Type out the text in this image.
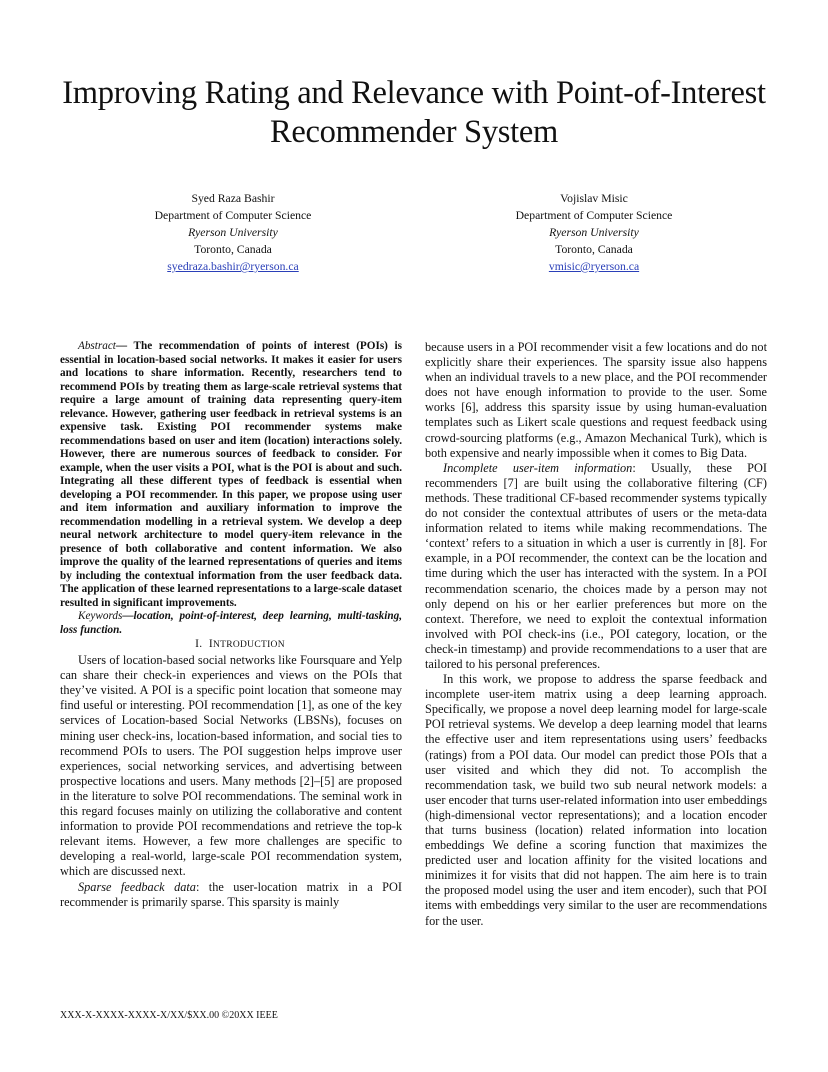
Improving Rating and Relevance with Point-of-Interest
Recommender System
Syed Raza Bashir
Department of Computer Science
Ryerson University
Toronto, Canada
syedraza.bashir@ryerson.ca
Vojislav Misic
Department of Computer Science
Ryerson University
Toronto, Canada
vmisic@ryerson.ca

Abstract— The recommendation of points of interest (POIs) is essential in location-based social networks. It makes it easier for users and locations to share information. Recently, researchers tend to recommend POIs by treating them as large-scale retrieval systems that require a large amount of training data representing query-item relevance. However, gathering user feedback in retrieval systems is an expensive task. Existing POI recommender systems make recommendations based on user and item (location) interactions solely. However, there are numerous sources of feedback to consider. For example, when the user visits a POI, what is the POI is about and such. Integrating all these different types of feedback is essential when developing a POI recommender. In this paper, we propose using user and item information and auxiliary information to improve the recommendation modelling in a retrieval system. We develop a deep neural network architecture to model query-item relevance in the presence of both collaborative and content information. We also improve the quality of the learned representations of queries and items by including the contextual information from the user feedback data. The application of these learned representations to a large-scale dataset resulted in significant improvements.

Keywords—location, point-of-interest, deep learning, multi-tasking, loss function.

I. INTRODUCTION

Users of location-based social networks like Foursquare and Yelp can share their check-in experiences and views on the POIs that they’ve visited. A POI is a specific point location that someone may find useful or interesting. POI recommendation [1], as one of the key services of Location-based Social Networks (LBSNs), focuses on mining user check-ins, location-based information, and social ties to recommend POIs to users. The POI suggestion helps improve user experiences, social networking services, and advertising between prospective locations and users. Many methods [2]–[5] are proposed in the literature to solve POI recommendations. The seminal work in this regard focuses mainly on utilizing the collaborative and content information to provide POI recommendations and retrieve the top-k relevant items. However, a few more challenges are specific to developing a real-world, large-scale POI recommendation system, which are discussed next.

Sparse feedback data: the user-location matrix in a POI recommender is primarily sparse. This sparsity is mainly

because users in a POI recommender visit a few locations and do not explicitly share their experiences. The sparsity issue also happens when an individual travels to a new place, and the POI recommender does not have enough information to provide to the user. Some works [6], address this sparsity issue by using human-evaluation templates such as Likert scale questions and request feedback using crowd-sourcing platforms (e.g., Amazon Mechanical Turk), which is both expensive and nearly impossible when it comes to Big Data.

Incomplete user-item information: Usually, these POI recommenders [7] are built using the collaborative filtering (CF) methods. These traditional CF-based recommender systems typically do not consider the contextual attributes of users or the meta-data information related to items while making recommendations. The ‘context’ refers to a situation in which a user is currently in [8]. For example, in a POI recommender, the context can be the location and time during which the user has interacted with the system. In a POI recommendation scenario, the choices made by a person may not only depend on his or her earlier preferences but more on the context. Therefore, we need to exploit the contextual information involved with POI check-ins (i.e., POI category, location, or the check-in timestamp) and provide recommendations to a user that are tailored to his personal preferences.

In this work, we propose to address the sparse feedback and incomplete user-item matrix using a deep learning approach. Specifically, we propose a novel deep learning model for large-scale POI retrieval systems. We develop a deep learning model that learns the effective user and item representations using users’ feedbacks (ratings) from a POI data. Our model can predict those POIs that a user visited and which they did not. To accomplish the recommendation task, we build two sub neural network models: a user encoder that turns user-related information into user embeddings (high-dimensional vector representations); and a location encoder that turns business (location) related information into location embeddings We define a scoring function that maximizes the predicted user and location affinity for the visited locations and minimizes it for visits that did not happen. The aim here is to train the proposed model using the user and item encoder), such that POI items with embeddings very similar to the user are recommendations for the user.

XXX-X-XXXX-XXXX-X/XX/$XX.00 ©20XX IEEE
